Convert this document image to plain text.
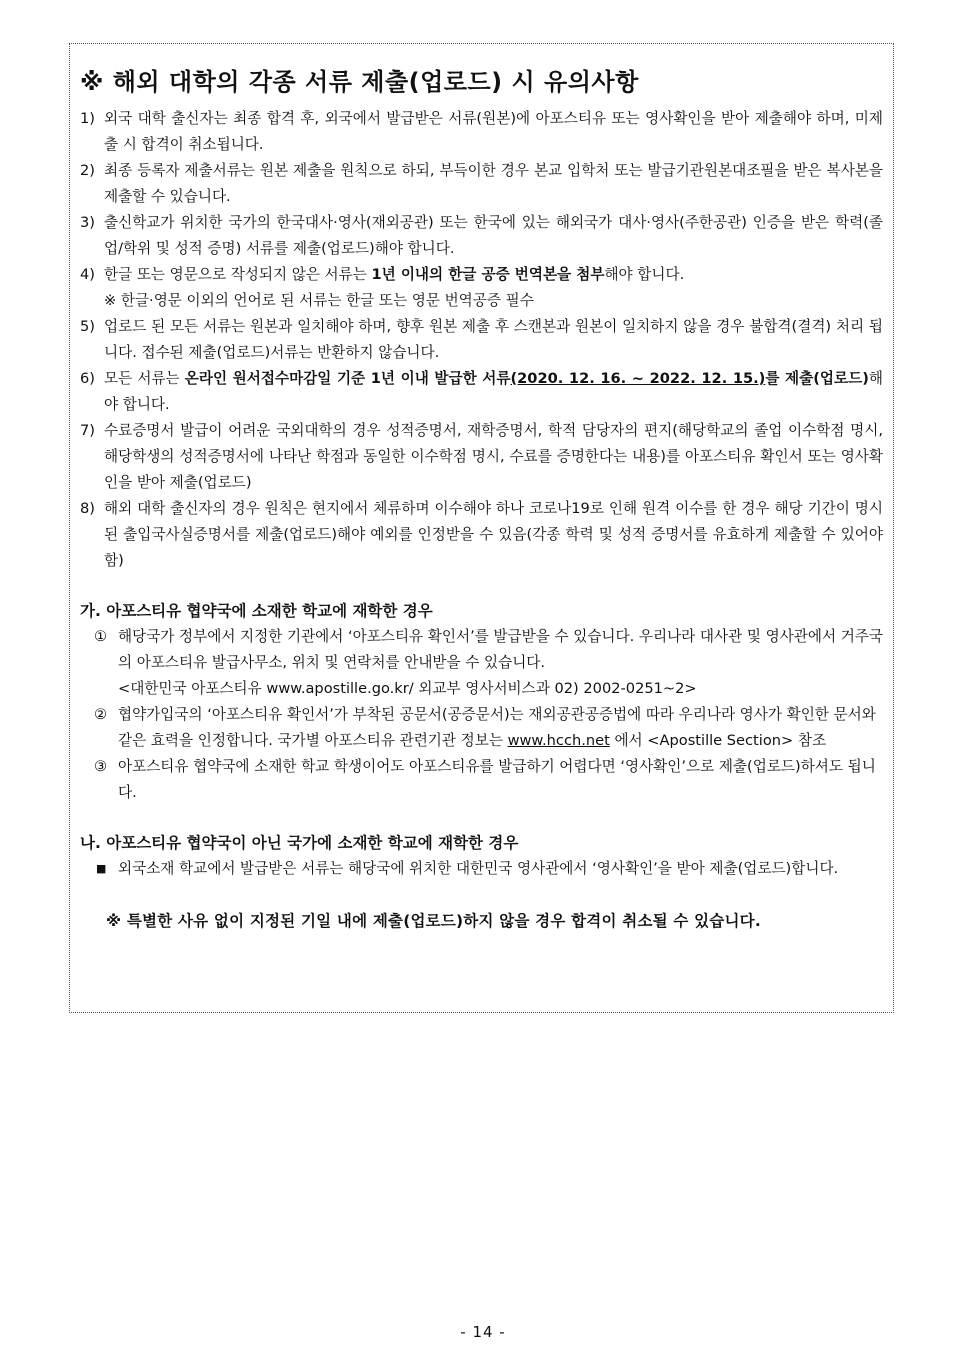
※ 해외 대학의 각종 서류 제출(업로드) 시 유의사항

1) 외국 대학 출신자는 최종 합격 후, 외국에서 발급받은 서류(원본)에 아포스티유 또는 영사확인을 받아 제출해야 하며, 미제출 시 합격이 취소됩니다.

2) 최종 등록자 제출서류는 원본 제출을 원칙으로 하되, 부득이한 경우 본교 입학처 또는 발급기관원본대조필을 받은 복사본을 제출할 수 있습니다.

3) 출신학교가 위치한 국가의 한국대사·영사(재외공관) 또는 한국에 있는 해외국가 대사·영사(주한공관) 인증을 받은 학력(졸업/학위 및 성적 증명) 서류를 제출(업로드)해야 합니다.

4) 한글 또는 영문으로 작성되지 않은 서류는 1년 이내의 한글 공증 번역본을 첨부해야 합니다.
※ 한글·영문 이외의 언어로 된 서류는 한글 또는 영문 번역공증 필수

5) 업로드 된 모든 서류는 원본과 일치해야 하며, 향후 원본 제출 후 스캔본과 원본이 일치하지 않을 경우 불합격(결격) 처리 됩니다. 접수된 제출(업로드)서류는 반환하지 않습니다.

6) 모든 서류는 온라인 원서접수마감일 기준 1년 이내 발급한 서류(2020. 12. 16. ~ 2022. 12. 15.)를 제출(업로드)해야 합니다.

7) 수료증명서 발급이 어려운 국외대학의 경우 성적증명서, 재학증명서, 학적 담당자의 편지(해당학교의 졸업 이수학점 명시, 해당학생의 성적증명서에 나타난 학점과 동일한 이수학점 명시, 수료를 증명한다는 내용)를 아포스티유 확인서 또는 영사확인을 받아 제출(업로드)

8) 해외 대학 출신자의 경우 원칙은 현지에서 체류하며 이수해야 하나 코로나19로 인해 원격 이수를 한 경우 해당 기간이 명시된 출입국사실증명서를 제출(업로드)해야 예외를 인정받을 수 있음(각종 학력 및 성적 증명서를 유효하게 제출할 수 있어야 함)

가. 아포스티유 협약국에 소재한 학교에 재학한 경우

① 해당국가 정부에서 지정한 기관에서 ‘아포스티유 확인서’를 발급받을 수 있습니다. 우리나라 대사관 및 영사관에서 거주국의 아포스티유 발급사무소, 위치 및 연락처를 안내받을 수 있습니다.
<대한민국 아포스티유 www.apostille.go.kr/ 외교부 영사서비스과 02) 2002-0251~2>

② 협약가입국의 ‘아포스티유 확인서’가 부착된 공문서(공증문서)는 재외공관공증법에 따라 우리나라 영사가 확인한 문서와 같은 효력을 인정합니다. 국가별 아포스티유 관련기관 정보는 www.hcch.net 에서 <Apostille Section> 참조

③ 아포스티유 협약국에 소재한 학교 학생이어도 아포스티유를 발급하기 어렵다면 ‘영사확인’으로 제출(업로드)하셔도 됩니다.

나. 아포스티유 협약국이 아닌 국가에 소재한 학교에 재학한 경우

■ 외국소재 학교에서 발급받은 서류는 해당국에 위치한 대한민국 영사관에서 ‘영사확인’을 받아 제출(업로드)합니다.

※ 특별한 사유 없이 지정된 기일 내에 제출(업로드)하지 않을 경우 합격이 취소될 수 있습니다.
- 14 -
